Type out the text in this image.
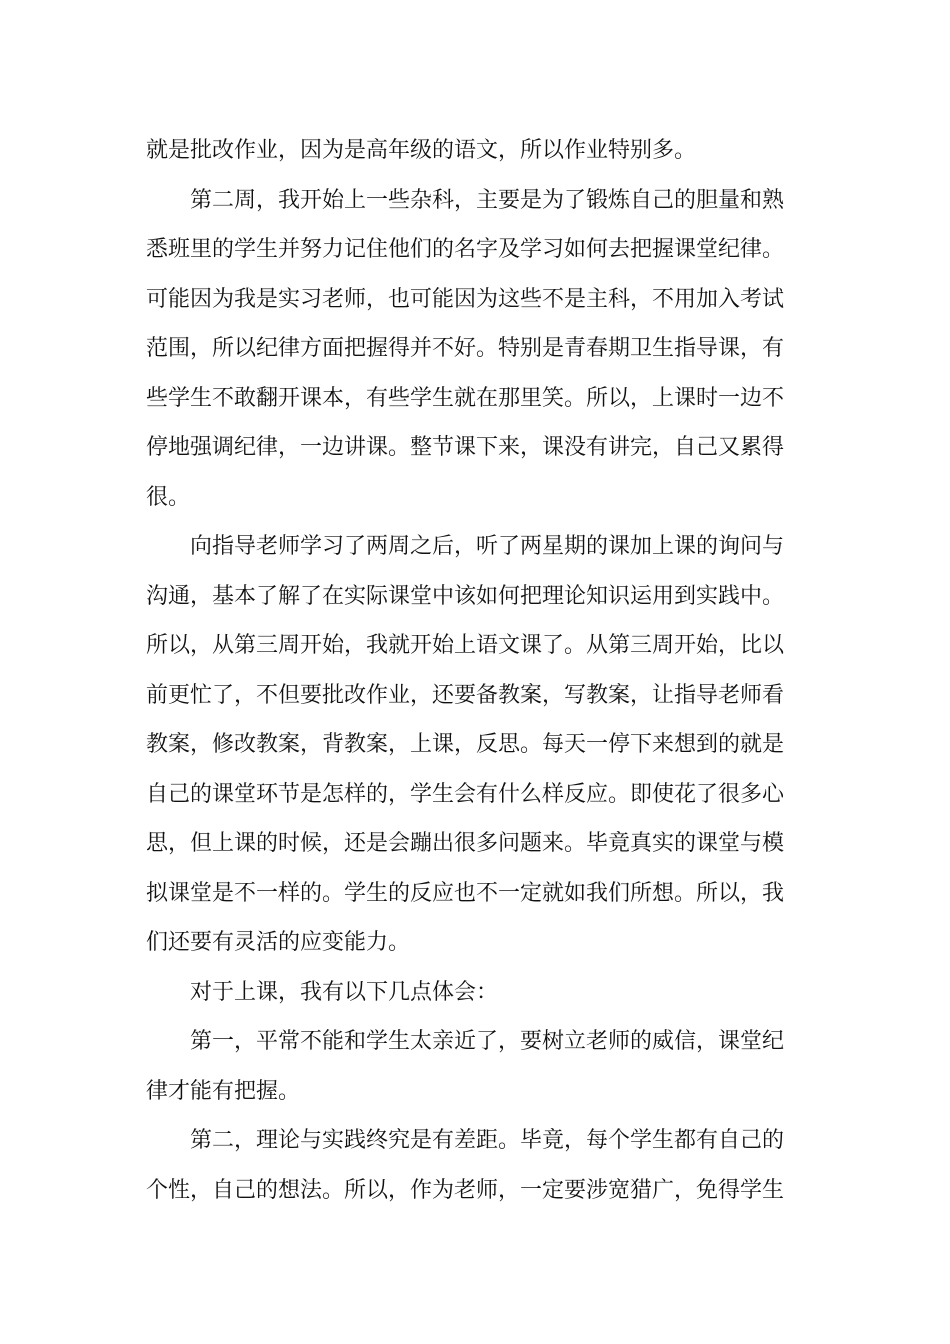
就是批改作业，因为是高年级的语文，所以作业特别多。
第二周，我开始上一些杂科，主要是为了锻炼自己的胆量和熟
悉班里的学生并努力记住他们的名字及学习如何去把握课堂纪律。
可能因为我是实习老师，也可能因为这些不是主科，不用加入考试
范围，所以纪律方面把握得并不好。特别是青春期卫生指导课，有
些学生不敢翻开课本，有些学生就在那里笑。所以，上课时一边不
停地强调纪律，一边讲课。整节课下来，课没有讲完，自己又累得
很。
向指导老师学习了两周之后，听了两星期的课加上课的询问与
沟通，基本了解了在实际课堂中该如何把理论知识运用到实践中。
所以，从第三周开始，我就开始上语文课了。从第三周开始，比以
前更忙了，不但要批改作业，还要备教案，写教案，让指导老师看
教案，修改教案，背教案，上课，反思。每天一停下来想到的就是
自己的课堂环节是怎样的，学生会有什么样反应。即使花了很多心
思，但上课的时候，还是会蹦出很多问题来。毕竟真实的课堂与模
拟课堂是不一样的。学生的反应也不一定就如我们所想。所以，我
们还要有灵活的应变能力。
对于上课，我有以下几点体会：
第一，平常不能和学生太亲近了，要树立老师的威信，课堂纪
律才能有把握。
第二，理论与实践终究是有差距。毕竟，每个学生都有自己的
个性，自己的想法。所以，作为老师，一定要涉宽猎广，免得学生
